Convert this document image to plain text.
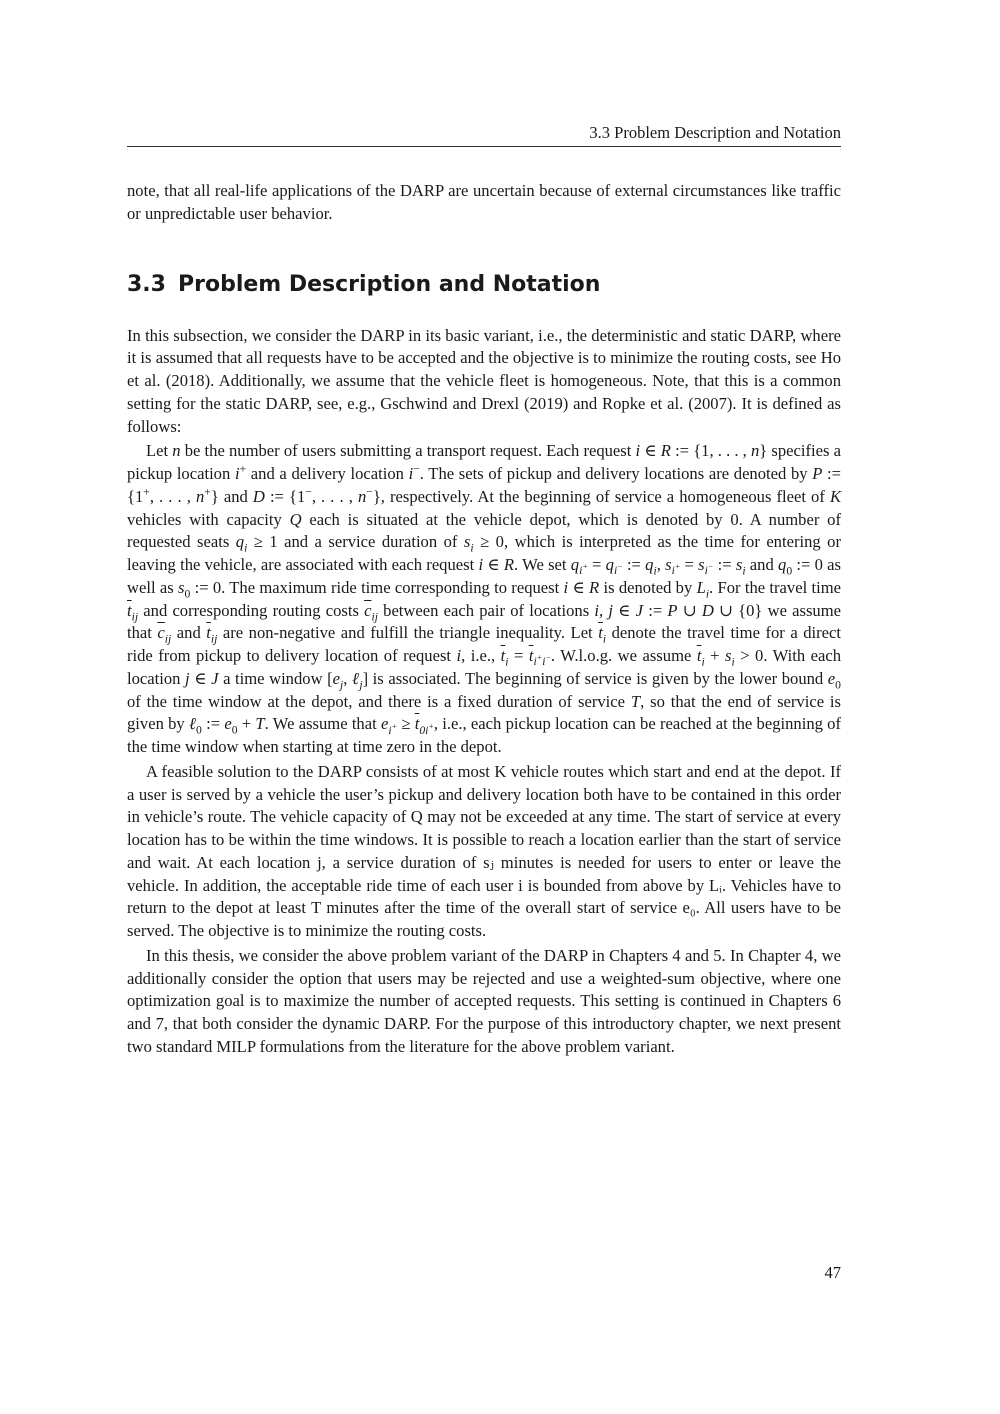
3.3 Problem Description and Notation

note, that all real-life applications of the DARP are uncertain because of external circumstances like traffic or unpredictable user behavior.

3.3 Problem Description and Notation

In this subsection, we consider the DARP in its basic variant, i.e., the deterministic and static DARP, where it is assumed that all requests have to be accepted and the objective is to minimize the routing costs, see Ho et al. (2018). Additionally, we assume that the vehicle fleet is homogeneous. Note, that this is a common setting for the static DARP, see, e.g., Gschwind and Drexl (2019) and Ropke et al. (2007). It is defined as follows:

Let n be the number of users submitting a transport request. Each request i ∈ R := {1, . . . , n} specifies a pickup location i+ and a delivery location i−. The sets of pickup and delivery locations are denoted by P := {1+, . . . , n+} and D := {1−, . . . , n−}, respectively. At the beginning of service a homogeneous fleet of K vehicles with capacity Q each is situated at the vehicle depot, which is denoted by 0. A number of requested seats $q_i \ge 1$ and a service duration of $s_i \ge 0$, which is interpreted as the time for entering or leaving the vehicle, are associated with each request i ∈ R. We set $q_{i^+} = q_{i^-}$ := $q_i$, $s_{i^+} = s_{i^-}$ := $s_i$ and $q_0$ := 0 as well as $s_0$ := 0. The maximum ride time corresponding to request i ∈ R is denoted by $L_i$. For the travel time $\overline{t}_{ij}$ and corresponding routing costs $\overline{c}_{ij}$ between each pair of locations i, j ∈ J := P ∪ D ∪ {0} we assume that $\overline{c}_{ij}$ and $\overline{t}_{ij}$ are non-negative and fulfill the triangle inequality. Let $\overline{t}_i$ denote the travel time for a direct ride from pickup to delivery location of request i, i.e., $\overline{t}_i = \overline{t}_{i^+i^-}$. W.l.o.g. we assume $\overline{t}_i + s_i > 0$. With each location j ∈ J a time window [$e_j$, ℓ$_j$] is associated. The beginning of service is given by the lower bound $e_0$ of the time window at the depot, and there is a fixed duration of service T, so that the end of service is given by ℓ$_0$ := $e_0 + T$. We assume that $e_{i^+} \ge \overline{t}_{0i^+}$, i.e., each pickup location can be reached at the beginning of the time window when starting at time zero in the depot.

A feasible solution to the DARP consists of at most K vehicle routes which start and end at the depot. If a user is served by a vehicle the user’s pickup and delivery location both have to be contained in this order in vehicle’s route. The vehicle capacity of Q may not be exceeded at any time. The start of service at every location has to be within the time windows. It is possible to reach a location earlier than the start of service and wait. At each location j, a service duration of sⱼ minutes is needed for users to enter or leave the vehicle. In addition, the acceptable ride time of each user i is bounded from above by Lᵢ. Vehicles have to return to the depot at least T minutes after the time of the overall start of service e₀. All users have to be served. The objective is to minimize the routing costs.

In this thesis, we consider the above problem variant of the DARP in Chapters 4 and 5. In Chapter 4, we additionally consider the option that users may be rejected and use a weighted-sum objective, where one optimization goal is to maximize the number of accepted requests. This setting is continued in Chapters 6 and 7, that both consider the dynamic DARP. For the purpose of this introductory chapter, we next present two standard MILP formulations from the literature for the above problem variant.

47
